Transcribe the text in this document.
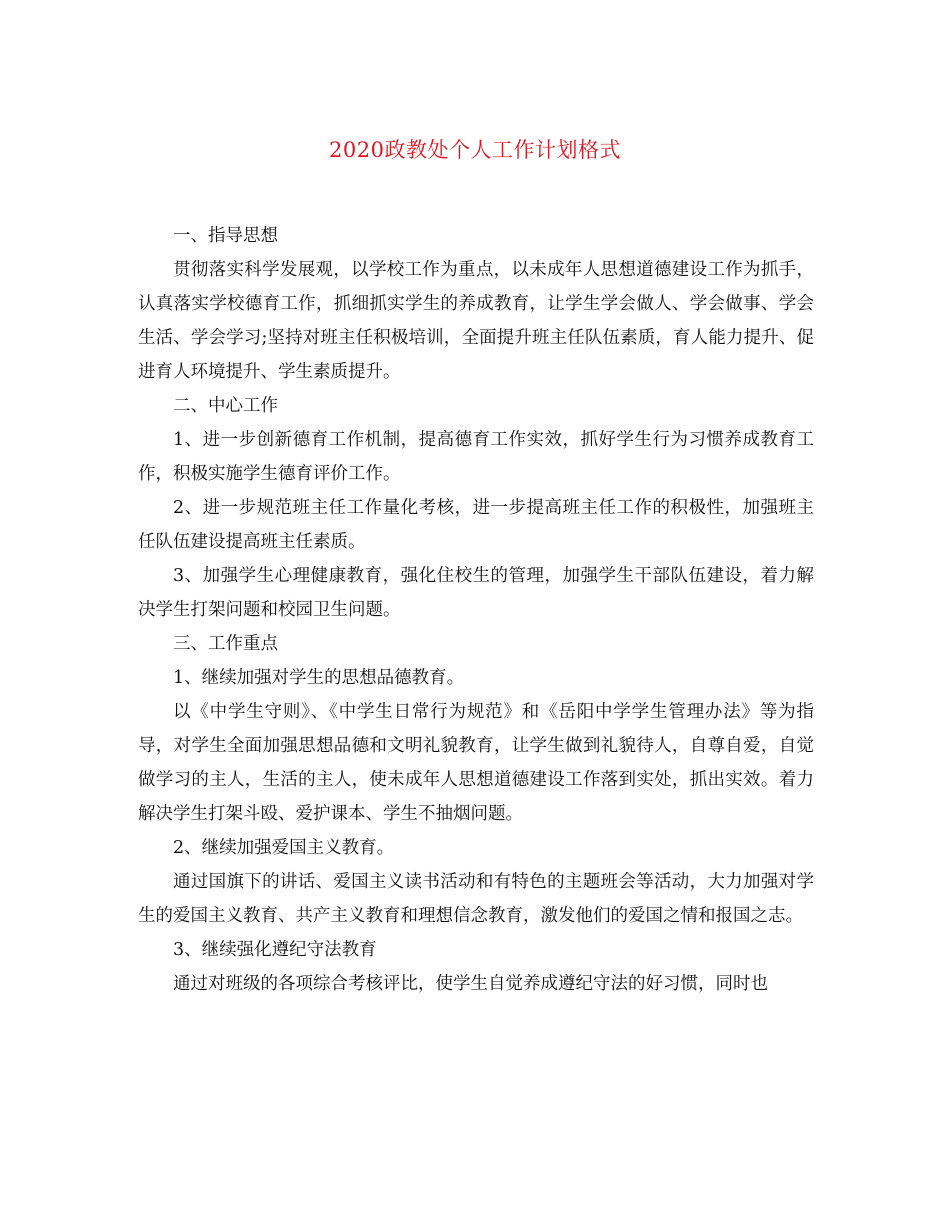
2020政教处个人工作计划格式

一、指导思想

贯彻落实科学发展观，以学校工作为重点，以未成年人思想道德建设工作为抓手，认真落实学校德育工作，抓细抓实学生的养成教育，让学生学会做人、学会做事、学会生活、学会学习;坚持对班主任积极培训，全面提升班主任队伍素质，育人能力提升、促进育人环境提升、学生素质提升。

二、中心工作

1、进一步创新德育工作机制，提高德育工作实效，抓好学生行为习惯养成教育工作，积极实施学生德育评价工作。

2、进一步规范班主任工作量化考核，进一步提高班主任工作的积极性，加强班主任队伍建设提高班主任素质。

3、加强学生心理健康教育，强化住校生的管理，加强学生干部队伍建设，着力解决学生打架问题和校园卫生问题。

三、工作重点

1、继续加强对学生的思想品德教育。

以《中学生守则》、《中学生日常行为规范》和《岳阳中学学生管理办法》等为指导，对学生全面加强思想品德和文明礼貌教育，让学生做到礼貌待人，自尊自爱，自觉做学习的主人，生活的主人，使未成年人思想道德建设工作落到实处，抓出实效。着力解决学生打架斗殴、爱护课本、学生不抽烟问题。

2、继续加强爱国主义教育。

通过国旗下的讲话、爱国主义读书活动和有特色的主题班会等活动，大力加强对学生的爱国主义教育、共产主义教育和理想信念教育，激发他们的爱国之情和报国之志。

3、继续强化遵纪守法教育

通过对班级的各项综合考核评比，使学生自觉养成遵纪守法的好习惯，同时也
